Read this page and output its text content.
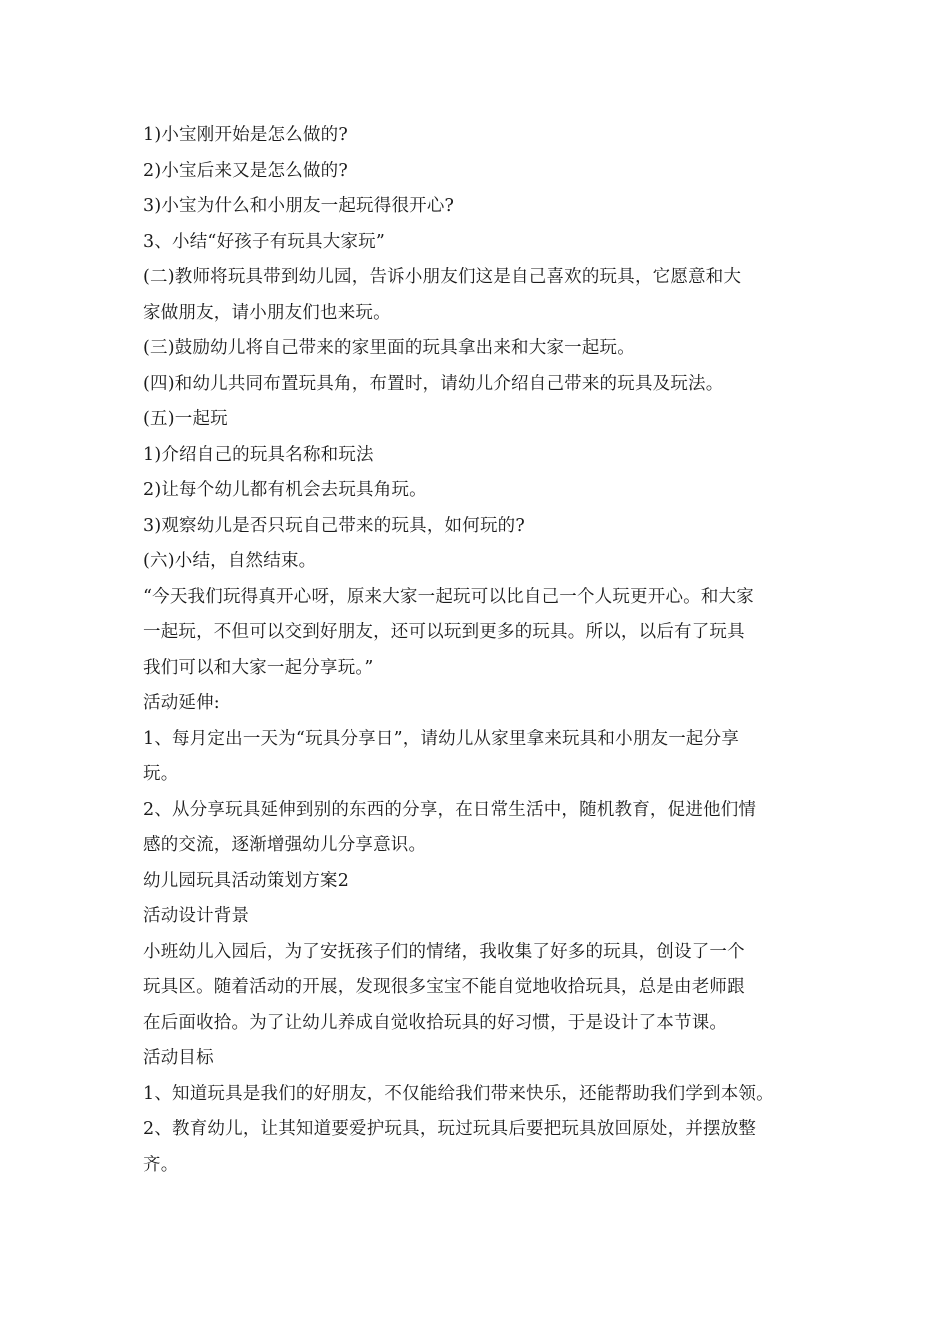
1)小宝刚开始是怎么做的?
2)小宝后来又是怎么做的?
3)小宝为什么和小朋友一起玩得很开心?
3、小结“好孩子有玩具大家玩”
(二)教师将玩具带到幼儿园，告诉小朋友们这是自己喜欢的玩具，它愿意和大
家做朋友，请小朋友们也来玩。
(三)鼓励幼儿将自己带来的家里面的玩具拿出来和大家一起玩。
(四)和幼儿共同布置玩具角，布置时，请幼儿介绍自己带来的玩具及玩法。
(五)一起玩
1)介绍自己的玩具名称和玩法
2)让每个幼儿都有机会去玩具角玩。
3)观察幼儿是否只玩自己带来的玩具，如何玩的?
(六)小结，自然结束。
“今天我们玩得真开心呀，原来大家一起玩可以比自己一个人玩更开心。和大家
一起玩，不但可以交到好朋友，还可以玩到更多的玩具。所以，以后有了玩具
我们可以和大家一起分享玩。”
活动延伸:
1、每月定出一天为“玩具分享日”，请幼儿从家里拿来玩具和小朋友一起分享
玩。
2、从分享玩具延伸到别的东西的分享，在日常生活中，随机教育，促进他们情
感的交流，逐渐增强幼儿分享意识。
幼儿园玩具活动策划方案2
活动设计背景
小班幼儿入园后，为了安抚孩子们的情绪，我收集了好多的玩具，创设了一个
玩具区。随着活动的开展，发现很多宝宝不能自觉地收拾玩具，总是由老师跟
在后面收拾。为了让幼儿养成自觉收拾玩具的好习惯，于是设计了本节课。
活动目标
1、知道玩具是我们的好朋友，不仅能给我们带来快乐，还能帮助我们学到本领。
2、教育幼儿，让其知道要爱护玩具，玩过玩具后要把玩具放回原处，并摆放整
齐。
